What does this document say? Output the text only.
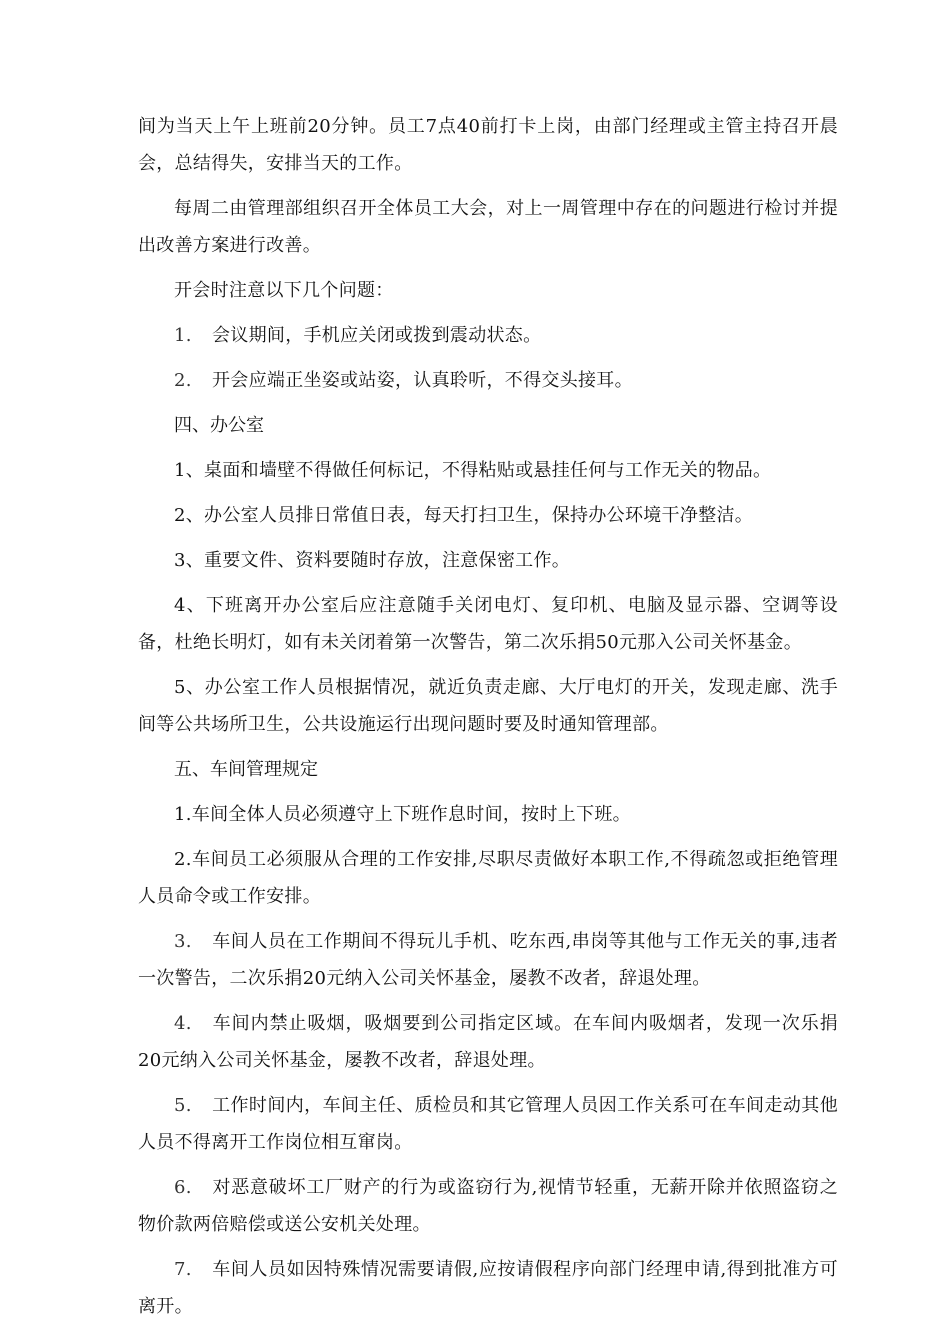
间为当天上午上班前20分钟。员工7点40前打卡上岗，由部门经理或主管主持召开晨会，总结得失，安排当天的工作。

每周二由管理部组织召开全体员工大会，对上一周管理中存在的问题进行检讨并提出改善方案进行改善。

开会时注意以下几个问题：

1. 会议期间，手机应关闭或拨到震动状态。

2. 开会应端正坐姿或站姿，认真聆听，不得交头接耳。

四、办公室

1、桌面和墙壁不得做任何标记，不得粘贴或悬挂任何与工作无关的物品。

2、办公室人员排日常值日表，每天打扫卫生，保持办公环境干净整洁。

3、重要文件、资料要随时存放，注意保密工作。

4、下班离开办公室后应注意随手关闭电灯、复印机、电脑及显示器、空调等设备，杜绝长明灯，如有未关闭着第一次警告，第二次乐捐50元那入公司关怀基金。

5、办公室工作人员根据情况，就近负责走廊、大厅电灯的开关，发现走廊、洗手间等公共场所卫生，公共设施运行出现问题时要及时通知管理部。

五、车间管理规定

1.车间全体人员必须遵守上下班作息时间，按时上下班。

2.车间员工必须服从合理的工作安排,尽职尽责做好本职工作,不得疏忽或拒绝管理人员命令或工作安排。

3. 车间人员在工作期间不得玩儿手机、吃东西,串岗等其他与工作无关的事,违者一次警告，二次乐捐20元纳入公司关怀基金，屡教不改者，辞退处理。

4. 车间内禁止吸烟，吸烟要到公司指定区域。在车间内吸烟者，发现一次乐捐20元纳入公司关怀基金，屡教不改者，辞退处理。

5. 工作时间内，车间主任、质检员和其它管理人员因工作关系可在车间走动其他人员不得离开工作岗位相互窜岗。

6. 对恶意破坏工厂财产的行为或盗窃行为,视情节轻重，无薪开除并依照盗窃之物价款两倍赔偿或送公安机关处理。

7. 车间人员如因特殊情况需要请假,应按请假程序向部门经理申请,得到批准方可离开。
